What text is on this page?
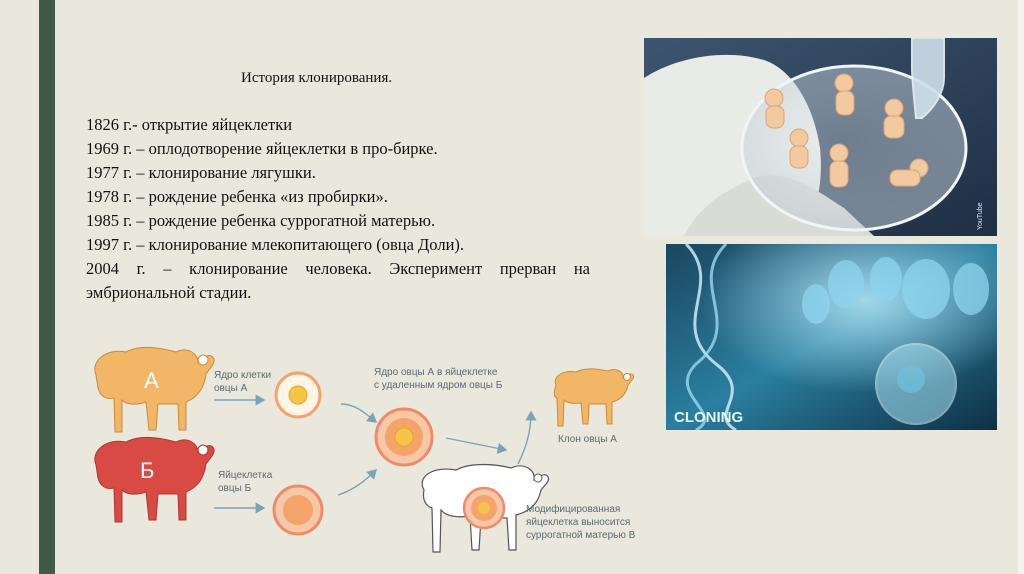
История клонирования.
1826 г.- открытие яйцеклетки
1969 г. – оплодотворение яйцеклетки в про-бирке.
1977 г. – клонирование лягушки.
1978 г. – рождение ребенка «из пробирки».
1985 г. – рождение ребенка суррогатной матерью.
1997 г. – клонирование млекопитающего (овца Доли).
2004 г. – клонирование человека. Эксперимент прерван на эмбриональной стадии.
А
Б
Ядро клетки овцы А
Яйцеклетка овцы Б
Ядро овцы А в яйцеклетке с удаленным ядром овцы Б
Клон овцы А
Модифицированная яйцеклетка выносится суррогатной матерью В
YouTube
CLONING
